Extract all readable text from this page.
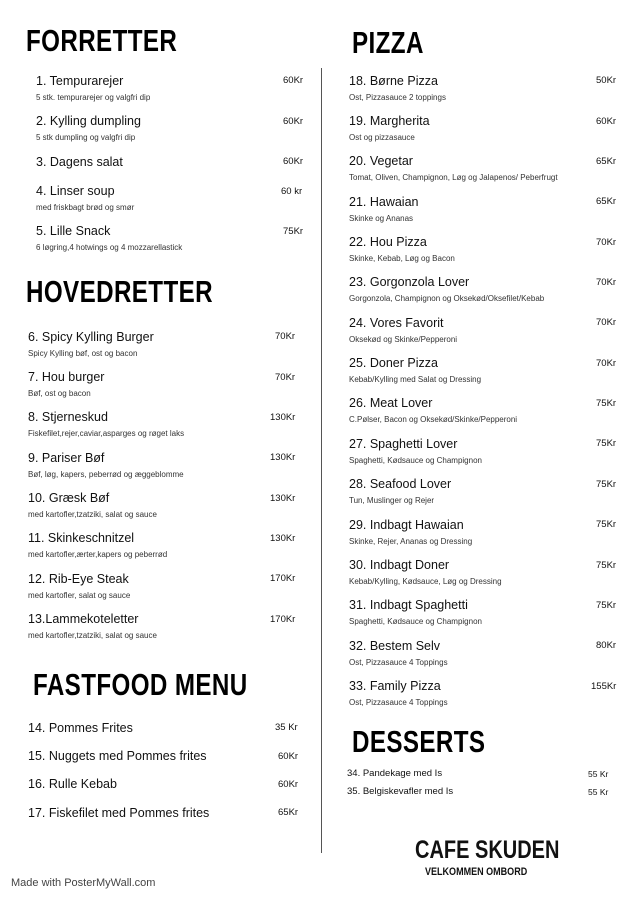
FORRETTER
1. Tempurarejer
5 stk. tempurarejer og valgfri dip
60Kr
2. Kylling dumpling
5 stk dumpling og valgfri dip
60Kr
3. Dagens salat	60Kr
4. Linser soup
med friskbagt brød og smør
60 kr
5. Lille Snack
6 løgring,4 hotwings og 4 mozzarellastick
75Kr
HOVEDRETTER
6. Spicy Kylling Burger
Spicy Kylling bøf, ost og bacon
70Kr
7. Hou burger
Bøf, ost og bacon
70Kr
8. Stjerneskud
Fiskefilet,rejer,caviar,asparges og røget laks
130Kr
9. Pariser Bøf
Bøf, løg, kapers, peberrød og æggeblomme
130Kr
10. Græsk Bøf
med kartofler,tzatziki, salat og sauce
130Kr
11. Skinkeschnitzel
med kartofler,ærter,kapers og peberrød
130Kr
12. Rib-Eye Steak
med kartofler, salat og sauce
170Kr
13.Lammekoteletter
med kartofler,tzatziki, salat og sauce
170Kr
FASTFOOD MENU
14. Pommes Frites	35 Kr
15. Nuggets med Pommes frites	60Kr
16. Rulle Kebab	60Kr
17. Fiskefilet med Pommes frites	65Kr
PIZZA
18. Børne Pizza
Ost, Pizzasauce 2 toppings
50Kr
19. Margherita
Ost og pizzasauce
60Kr
20. Vegetar
Tomat, Oliven, Champignon, Løg og Jalapenos/ Peberfrugt
65Kr
21. Hawaian
Skinke og Ananas
65Kr
22. Hou Pizza
Skinke, Kebab, Løg og Bacon
70Kr
23. Gorgonzola Lover
Gorgonzola, Champignon og Oksekød/Oksefilet/Kebab
70Kr
24. Vores Favorit
Oksekød og Skinke/Pepperoni
70Kr
25. Doner Pizza
Kebab/Kylling med Salat og Dressing
70Kr
26. Meat Lover
C.Pølser, Bacon og Oksekød/Skinke/Pepperoni
75Kr
27. Spaghetti Lover
Spaghetti, Kødsauce og Champignon
75Kr
28. Seafood Lover
Tun, Muslinger og Rejer
75Kr
29. Indbagt Hawaian
Skinke, Rejer, Ananas og Dressing
75Kr
30. Indbagt Doner
Kebab/Kylling, Kødsauce, Løg og Dressing
75Kr
31. Indbagt Spaghetti
Spaghetti, Kødsauce og Champignon
75Kr
32. Bestem Selv
Ost, Pizzasauce 4 Toppings
80Kr
33. Family Pizza
Ost, Pizzasauce 4 Toppings
155Kr
DESSERTS
34. Pandekage med Is	55 Kr
35. Belgiskevafler med Is	55 Kr
CAFE SKUDEN
VELKOMMEN OMBORD
Made with PosterMyWall.com
